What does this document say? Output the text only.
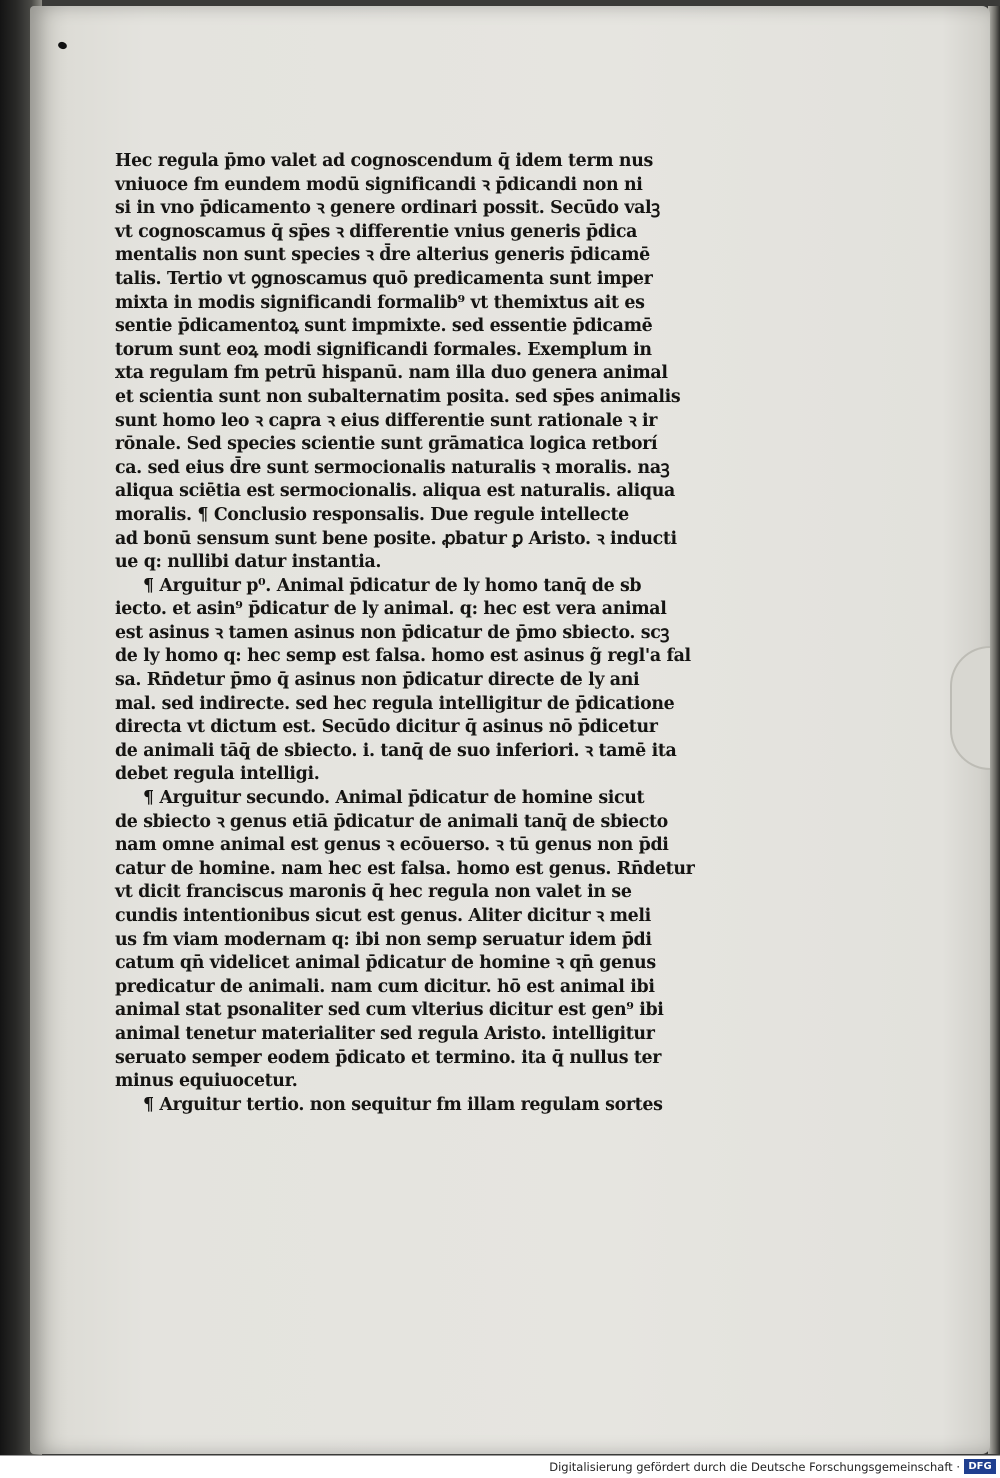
Hec regula p̄mo valet ad cognoscendum q̄ idem term nus
vniuoce fm eundem modū significandi ꝛ p̄dicandi non ni
si in vno p̄dicamento ꝛ genere ordinari possit. Secūdo valꝫ
vt cognoscamus q̄ sp̄es ꝛ differentie vnius generis p̄dica
mentalis non sunt species ꝛ d̄re alterius generis p̄dicamē
talis. Tertio vt ꝯgnoscamus quō predicamenta sunt imper
mixta in modis significandi formalib⁹ vt themixtus ait es
sentie p̄dicamentoꝝ sunt impmixte. sed essentie p̄dicamē
torum sunt eoꝝ modi significandi formales. Exemplum in
xta regulam fm petrū hispanū. nam illa duo genera animal
et scientia sunt non subalternatim posita. sed sp̄es animalis
sunt homo leo ꝛ capra ꝛ eius differentie sunt rationale ꝛ ir
rōnale. Sed species scientie sunt grāmatica logica retborí
ca. sed eius d̄re sunt sermocionalis naturalis ꝛ moralis. naꝫ
aliqua sciētia est sermocionalis. aliqua est naturalis. aliqua
moralis. ¶ Conclusio responsalis. Due regule intellecte
ad bonū sensum sunt bene posite. ꝓbatur ꝑ Aristo. ꝛ inducti
ue q: nullibi datur instantia.
¶ Arguitur p⁰. Animal p̄dicatur de ly homo tanq̄ de sb
iecto. et asin⁹ p̄dicatur de ly animal. q: hec est vera animal
est asinus ꝛ tamen asinus non p̄dicatur de p̄mo sbiecto. scꝫ
de ly homo q: hec semp est falsa. homo est asinus g̃ regl'a fal
sa. Rn̄detur p̄mo q̄ asinus non p̄dicatur directe de ly ani
mal. sed indirecte. sed hec regula intelligitur de p̄dicatione
directa vt dictum est. Secūdo dicitur q̄ asinus nō p̄dicetur
de animali tāq̄ de sbiecto. i. tanq̄ de suo inferiori. ꝛ tamē ita
debet regula intelligi.
¶ Arguitur secundo. Animal p̄dicatur de homine sicut
de sbiecto ꝛ genus etiā p̄dicatur de animali tanq̄ de sbiecto
nam omne animal est genus ꝛ ecōuerso. ꝛ tū genus non p̄di
catur de homine. nam hec est falsa. homo est genus. Rn̄detur
vt dicit franciscus maronis q̄ hec regula non valet in se
cundis intentionibus sicut est genus. Aliter dicitur ꝛ meli
us fm viam modernam q: ibi non semp seruatur idem p̄di
catum qn̄ videlicet animal p̄dicatur de homine ꝛ qn̄ genus
predicatur de animali. nam cum dicitur. hō est animal ibi
animal stat psonaliter sed cum vlterius dicitur est gen⁹ ibi
animal tenetur materialiter sed regula Aristo. intelligitur
seruato semper eodem p̄dicato et termino. ita q̄ nullus ter
minus equiuocetur.
¶ Arguitur tertio. non sequitur fm illam regulam sortes
Digitalisierung gefördert durch die Deutsche Forschungsgemeinschaft · DFG
